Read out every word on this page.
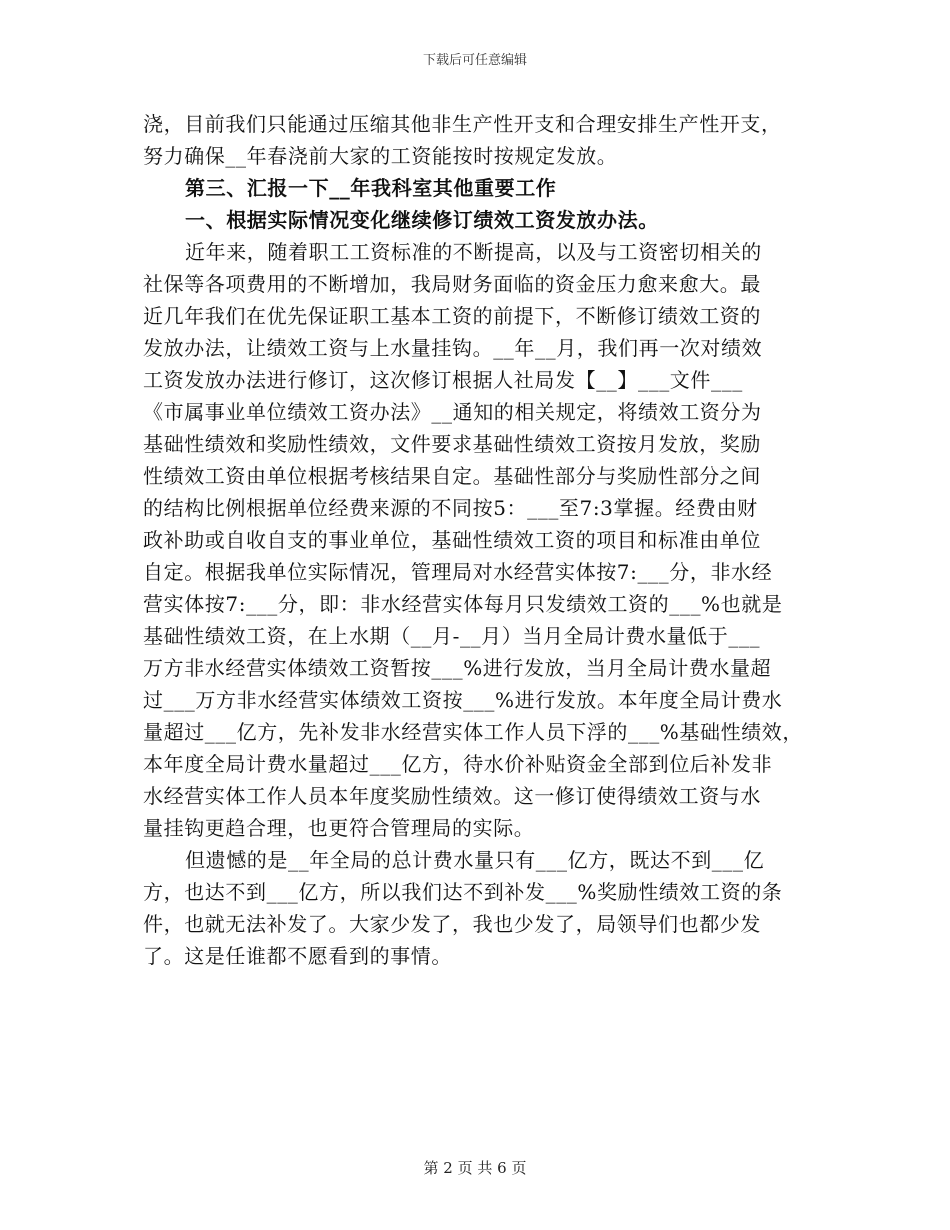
下载后可任意编辑
浇，目前我们只能通过压缩其他非生产性开支和合理安排生产性开支，
努力确保__年春浇前大家的工资能按时按规定发放。
第三、汇报一下__年我科室其他重要工作
一、根据实际情况变化继续修订绩效工资发放办法。
近年来，随着职工工资标准的不断提高，以及与工资密切相关的
社保等各项费用的不断增加，我局财务面临的资金压力愈来愈大。最
近几年我们在优先保证职工基本工资的前提下，不断修订绩效工资的
发放办法，让绩效工资与上水量挂钩。__年__月，我们再一次对绩效
工资发放办法进行修订，这次修订根据人社局发【__】___文件___
《市属事业单位绩效工资办法》__通知的相关规定，将绩效工资分为
基础性绩效和奖励性绩效，文件要求基础性绩效工资按月发放，奖励
性绩效工资由单位根据考核结果自定。基础性部分与奖励性部分之间
的结构比例根据单位经费来源的不同按5：___至7:3掌握。经费由财
政补助或自收自支的事业单位，基础性绩效工资的项目和标准由单位
自定。根据我单位实际情况，管理局对水经营实体按7:___分，非水经
营实体按7:___分，即：非水经营实体每月只发绩效工资的___%也就是
基础性绩效工资，在上水期（__月-__月）当月全局计费水量低于___
万方非水经营实体绩效工资暂按___%进行发放，当月全局计费水量超
过___万方非水经营实体绩效工资按___%进行发放。本年度全局计费水
量超过___亿方，先补发非水经营实体工作人员下浮的___%基础性绩效，
本年度全局计费水量超过___亿方，待水价补贴资金全部到位后补发非
水经营实体工作人员本年度奖励性绩效。这一修订使得绩效工资与水
量挂钩更趋合理，也更符合管理局的实际。
但遗憾的是__年全局的总计费水量只有___亿方，既达不到___亿
方，也达不到___亿方，所以我们达不到补发___%奖励性绩效工资的条
件，也就无法补发了。大家少发了，我也少发了，局领导们也都少发
了。这是任谁都不愿看到的事情。
第 2 页 共 6 页
